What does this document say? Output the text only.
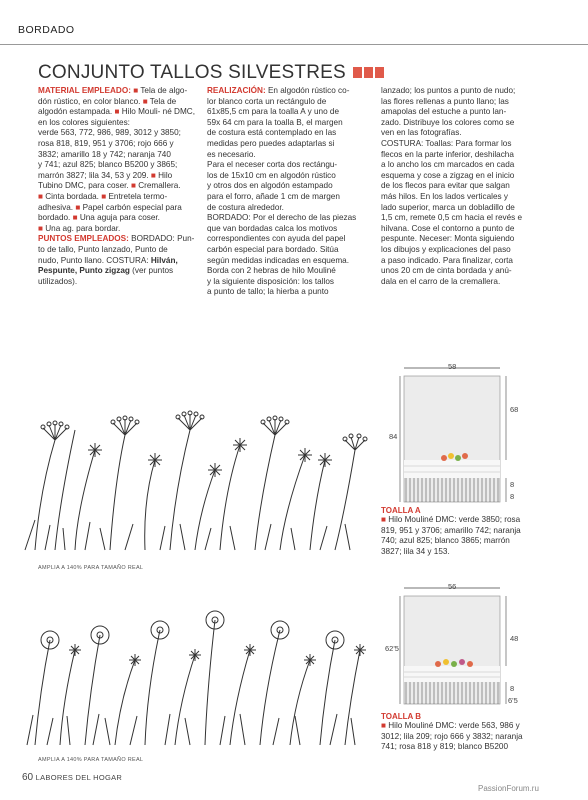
BORDADO
CONJUNTO TALLOS SILVESTRES
MATERIAL EMPLEADO: ■ Tela de algo-
dón rústico, en color blanco. ■ Tela de algodón estampada. ■ Hilo Mouli- né DMC, en los colores siguientes:
verde 563, 772, 986, 989, 3012 y 3850;
rosa 818, 819, 951 y 3706; rojo 666 y
3832; amarillo 18 y 742; naranja 740
y 741; azul 825; blanco B5200 y 3865;
marrón 3827; lila 34, 53 y 209. ■ Hilo
Tubino DMC, para coser. ■ Cremallera.
■ Cinta bordada. ■ Entretela termo-
adhesiva. ■ Papel carbón especial para
bordado. ■ Una aguja para coser.
■ Una ag. para bordar.
PUNTOS EMPLEADOS: BORDADO: Pun-
to de tallo, Punto lanzado, Punto de
nudo, Punto llano. COSTURA: Hilván,
Pespunte, Punto zigzag (ver puntos
utilizados).
REALIZACIÓN: En algodón rústico co-
lor blanco corta un rectángulo de
61x85,5 cm para la toalla A y uno de
59x 64 cm para la toalla B, el margen
de costura está contemplado en las
medidas pero puedes adaptarlas si
es necesario.
Para el neceser corta dos rectángu-
los de 15x10 cm en algodón rústico
y otros dos en algodón estampado
para el forro, añade 1 cm de margen
de costura alrededor.
BORDADO: Por el derecho de las piezas
que van bordadas calca los motivos
correspondientes con ayuda del papel
carbón especial para bordado. Sitúa
según medidas indicadas en esquema.
Borda con 2 hebras de hilo Mouliné
y la siguiente disposición: los tallos
a punto de tallo; la hierba a punto
lanzado; los puntos a punto de nudo;
las flores rellenas a punto llano; las
amapolas del estuche a punto lan-
zado. Distribuye los colores como se
ven en las fotografías.
COSTURA: Toallas: Para formar los
flecos en la parte inferior, deshilacha
a lo ancho los cm marcados en cada
esquema y cose a zigzag en el inicio
de los flecos para evitar que salgan
más hilos. En los lados verticales y
lado superior, marca un dobladillo de
1,5 cm, remete 0,5 cm hacia el revés e
hilvana. Cose el contorno a punto de
pespunte. Neceser: Monta siguiendo
los dibujos y explicaciones del paso
a paso indicado. Para finalizar, corta
unos 20 cm de cinta bordada y anú-
dala en el carro de la cremallera.
AMPLIA A 140% PARA TAMAÑO REAL
AMPLIA A 140% PARA TAMAÑO REAL
58
84
68
8
8
TOALLA A
■ Hilo Mouliné DMC: verde 3850; rosa
819, 951 y 3706; amarillo 742; naranja
740; azul 825; blanco 3865; marrón
3827; lila 34 y 153.
56
62'5
48
8
6'5
TOALLA B
■ Hilo Mouliné DMC: verde 563, 986 y
3012; lila 209; rojo 666 y 3832; naranja
741; rosa 818 y 819; blanco B5200
60 LABORES DEL HOGAR
PassionForum.ru
